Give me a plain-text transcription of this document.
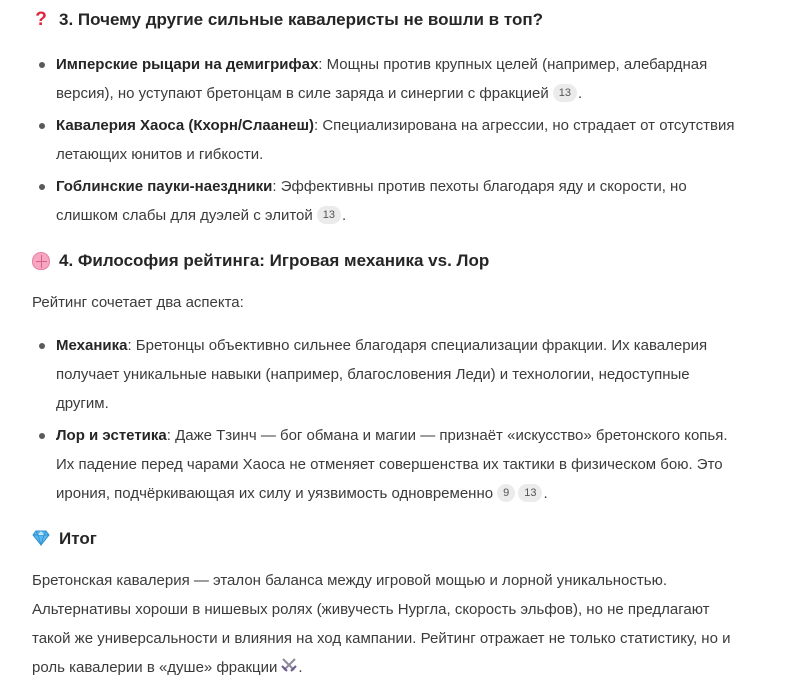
? 3. Почему другие сильные кавалеристы не вошли в топ?
Имперские рыцари на демигрифах: Мощны против крупных целей (например, алебардная
версия), но уступают бретонцам в силе заряда и синергии с фракцией 13 .
Кавалерия Хаоса (Кхорн/Слаанеш): Специализирована на агрессии, но страдает от отсутствия
летающих юнитов и гибкости.
Гоблинские пауки-наездники: Эффективны против пехоты благодаря яду и скорости, но
слишком слабы для дуэлей с элитой 13 .
4. Философия рейтинга: Игровая механика vs. Лор
Рейтинг сочетает два аспекта:
Механика: Бретонцы объективно сильнее благодаря специализации фракции. Их кавалерия
получает уникальные навыки (например, благословения Леди) и технологии, недоступные
другим.
Лор и эстетика: Даже Тзинч — бог обмана и магии — признаёт «искусство» бретонского копья.
Их падение перед чарами Хаоса не отменяет совершенства их тактики в физическом бою. Это
ирония, подчёркивающая их силу и уязвимость одновременно 9 13 .
Итог
Бретонская кавалерия — эталон баланса между игровой мощью и лорной уникальностью.
Альтернативы хороши в нишевых ролях (живучесть Нургла, скорость эльфов), но не предлагают
такой же универсальности и влияния на ход кампании. Рейтинг отражает не только статистику, но и
роль кавалерии в «душе» фракции .
